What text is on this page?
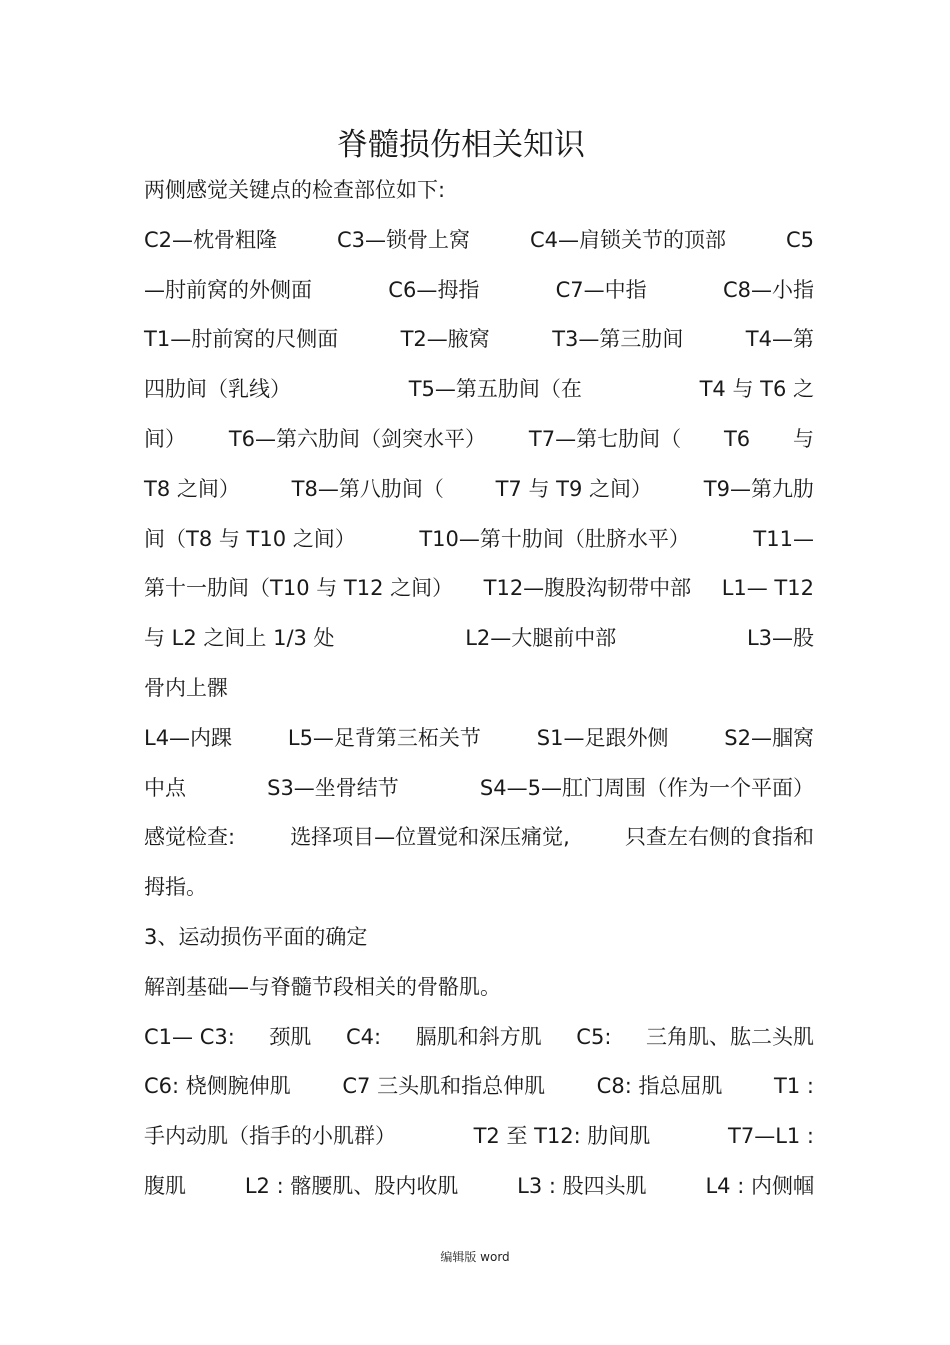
脊髓损伤相关知识
两侧感觉关键点的检查部位如下:
C2—枕骨粗隆	C3—锁骨上窝	C4—肩锁关节的顶部	C5
—肘前窝的外侧面	C6—拇指	C7—中指	C8—小指
T1—肘前窝的尺侧面	T2—腋窝	T3—第三肋间	T4—第
四肋间（乳线）	T5—第五肋间（在	T4 与 T6 之
间） T6—第六肋间（剑突水平） T7—第七肋间（ T6 与
T8 之间） T8—第八肋间（ T7 与 T9 之间） T9—第九肋
间（T8 与 T10 之间）	T10—第十肋间（肚脐水平）	T11—
第十一肋间（T10 与 T12 之间） T12—腹股沟韧带中部 L1— T12
与 L2 之间上 1/3 处	L2—大腿前中部	L3—股
骨内上髁
L4—内踝	L5—足背第三柘关节	S1—足跟外侧	S2—腘窝
中点	S3—坐骨结节	S4—5—肛门周围（作为一个平面）
感觉检查:	选择项目—位置觉和深压痛觉,	只查左右侧的食指和
拇指。
3、运动损伤平面的确定
解剖基础—与脊髓节段相关的骨骼肌。
C1— C3: 颈肌 C4: 膈肌和斜方肌 C5: 三角肌、肱二头肌
C6: 桡侧腕伸肌 C7 三头肌和指总伸肌 C8: 指总屈肌 T1 :
手内动肌（指手的小肌群）	T2 至 T12: 肋间肌	T7—L1 :
腹肌	L2 : 髂腰肌、股内收肌	L3 : 股四头肌	L4 : 内侧帼
编辑版 word
